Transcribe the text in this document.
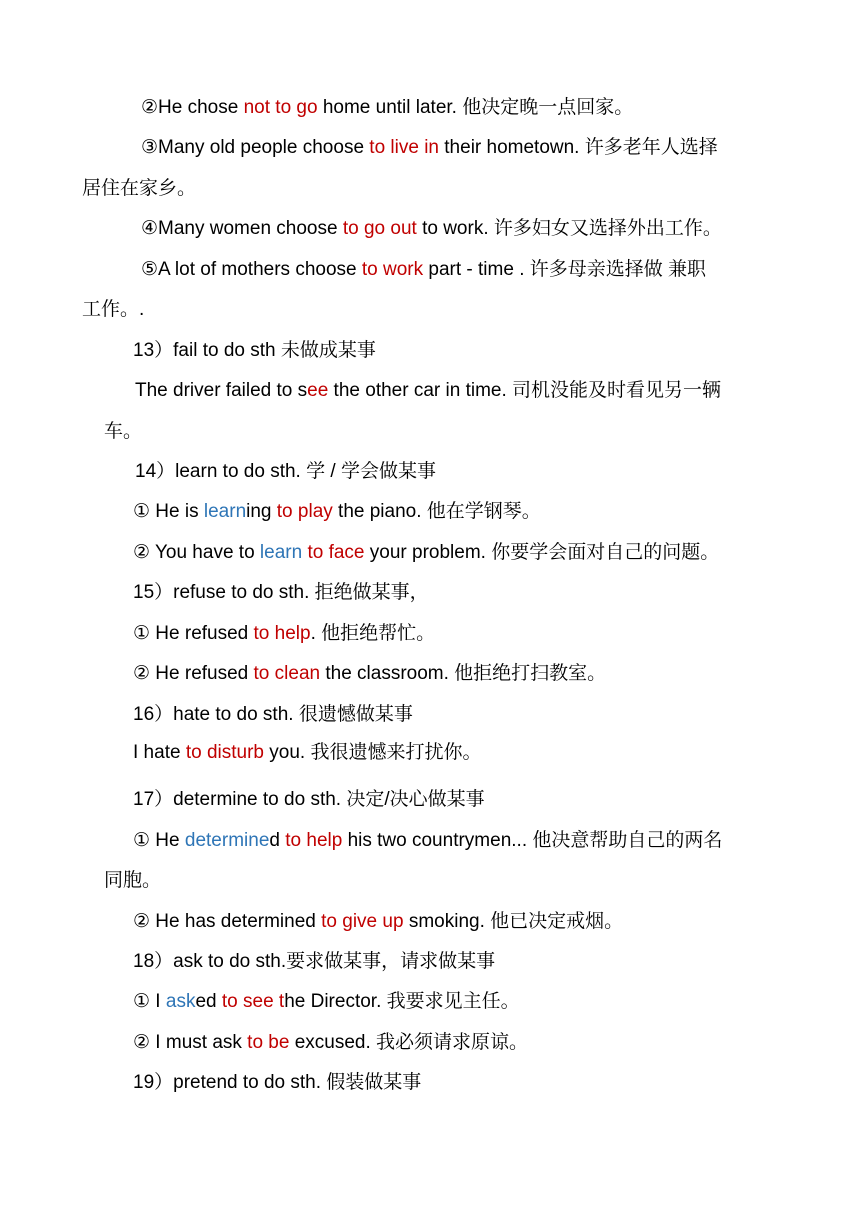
②He chose not to go home until later. 他决定晚一点回家。
③Many old people choose to live in their hometown. 许多老年人选择
居住在家乡。
④Many women choose to go out to work. 许多妇女又选择外出工作。
⑤A lot of mothers choose to work part - time . 许多母亲选择做 兼职
工作。.
13）fail to do sth 未做成某事
The driver failed to see the other car in time. 司机没能及时看见另一辆
车。
14）learn to do sth. 学 / 学会做某事
① He is learning to play the piano. 他在学钢琴。
② You have to learn to face your problem. 你要学会面对自己的问题。
15）refuse to do sth. 拒绝做某事，
① He refused to help. 他拒绝帮忙。
② He refused to clean the classroom. 他拒绝打扫教室。
16）hate to do sth. 很遗憾做某事
I hate to disturb you. 我很遗憾来打扰你。
17）determine to do sth. 决定/决心做某事
① He determined to help his two countrymen... 他决意帮助自己的两名
同胞。
② He has determined to give up smoking. 他已决定戒烟。
18）ask to do sth.要求做某事，请求做某事
① I asked to see the Director. 我要求见主任。
② I must ask to be excused. 我必须请求原谅。
19）pretend to do sth. 假装做某事
